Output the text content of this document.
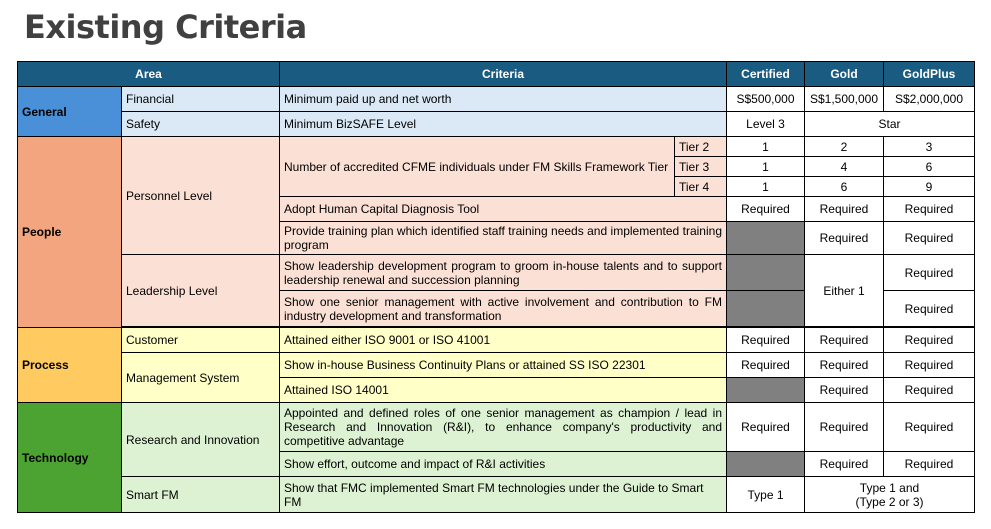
Existing Criteria
Area		Criteria		Certified	Gold	GoldPlus
General	Financial	Minimum paid up and net worth		S$500,000	S$1,500,000	S$2,000,000
	Safety	Minimum BizSAFE Level		Level 3	Star	
People	Personnel Level	Number of accredited CFME individuals under FM Skills Framework Tier	Tier 2	1	2	3
			Tier 3	1	4	6
			Tier 4	1	6	9
		Adopt Human Capital Diagnosis Tool		Required	Required	Required
		Provide training plan which identified staff training needs and implemented training program			Required	Required
	Leadership Level	Show leadership development program to groom in-house talents and to support leadership renewal and succession planning			Either 1	Required
		Show one senior management with active involvement and contribution to FM industry development and transformation				Required

Process	Customer	Attained either ISO 9001 or ISO 41001		Required	Required	Required
	Management System	Show in-house Business Continuity Plans or attained SS ISO 22301		Required	Required	Required
		Attained ISO 14001			Required	Required
Technology	Research and Innovation	Appointed and defined roles of one senior management as champion / lead in Research and Innovation (R&I), to enhance company's productivity and competitive advantage		Required	Required	Required
		Show effort, outcome and impact of R&I activities			Required	Required
	Smart FM	Show that FMC implemented Smart FM technologies under the Guide to Smart FM		Type 1	Type 1 and
(Type 2 or 3)	
